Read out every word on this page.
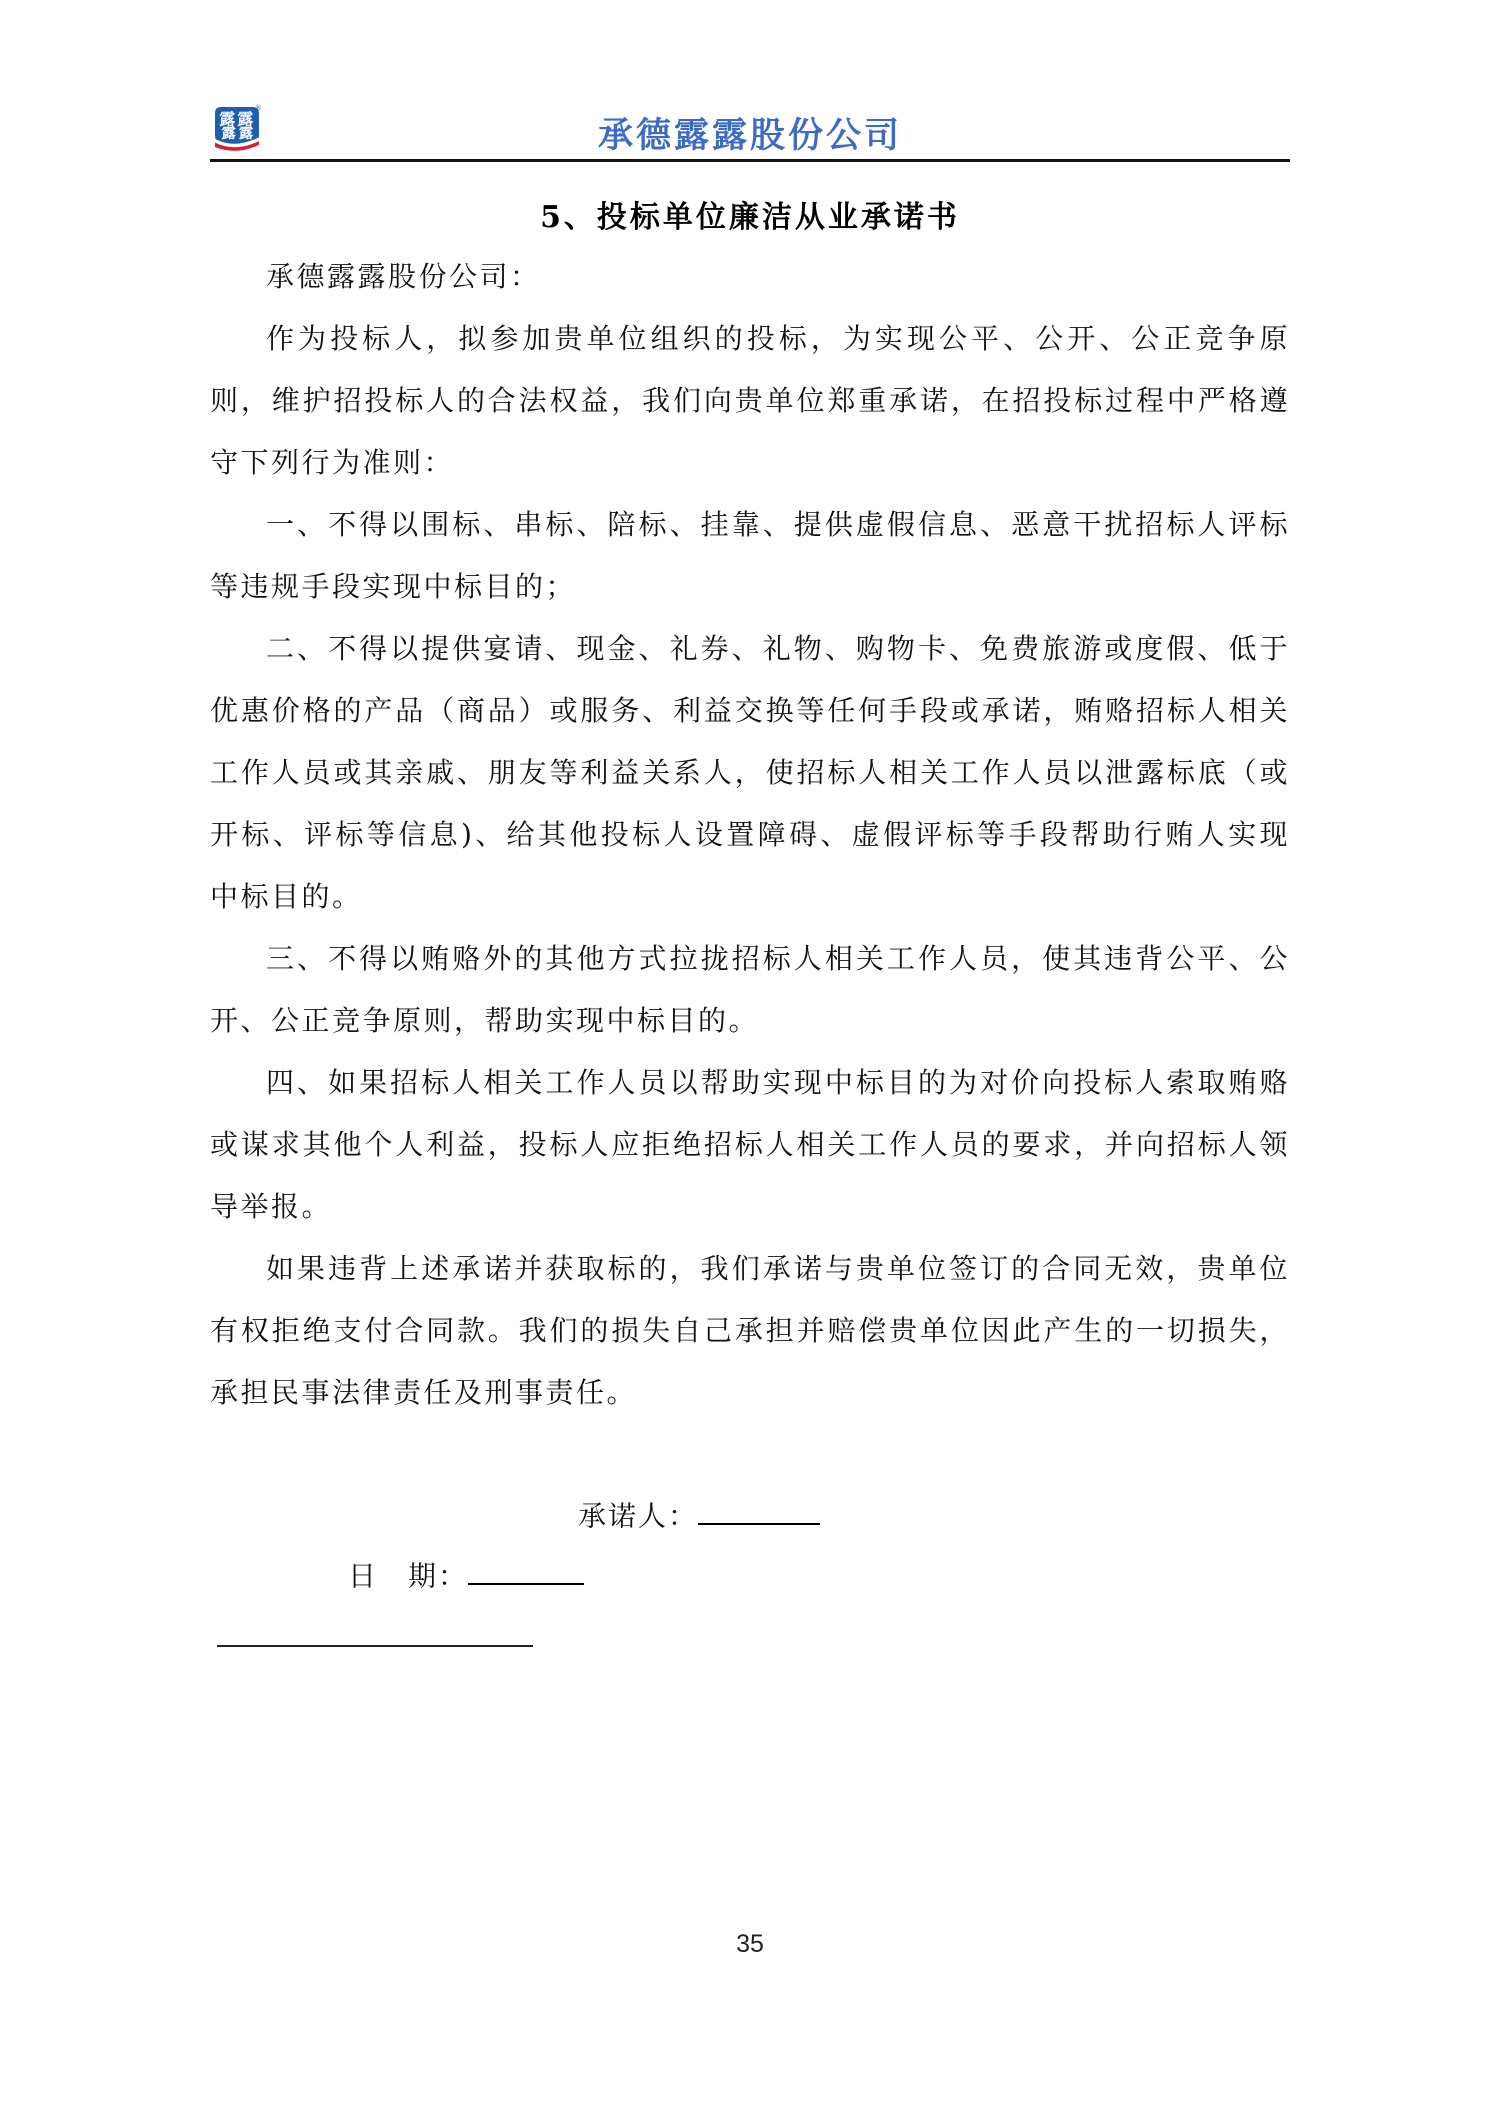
露 露
露 露
®
承德露露股份公司
5、投标单位廉洁从业承诺书

承德露露股份公司：

作为投标人，拟参加贵单位组织的投标，为实现公平、公开、公正竞争原则，维护招投标人的合法权益，我们向贵单位郑重承诺，在招投标过程中严格遵守下列行为准则：

一、不得以围标、串标、陪标、挂靠、提供虚假信息、恶意干扰招标人评标等违规手段实现中标目的；

二、不得以提供宴请、现金、礼券、礼物、购物卡、免费旅游或度假、低于优惠价格的产品（商品）或服务、利益交换等任何手段或承诺，贿赂招标人相关工作人员或其亲戚、朋友等利益关系人，使招标人相关工作人员以泄露标底（或开标、评标等信息)、给其他投标人设置障碍、虚假评标等手段帮助行贿人实现中标目的。

三、不得以贿赂外的其他方式拉拢招标人相关工作人员，使其违背公平、公开、公正竞争原则，帮助实现中标目的。

四、如果招标人相关工作人员以帮助实现中标目的为对价向投标人索取贿赂或谋求其他个人利益，投标人应拒绝招标人相关工作人员的要求，并向招标人领导举报。

如果违背上述承诺并获取标的，我们承诺与贵单位签订的合同无效，贵单位有权拒绝支付合同款。我们的损失自己承担并赔偿贵单位因此产生的一切损失，承担民事法律责任及刑事责任。

承诺人：
日　期：
35
